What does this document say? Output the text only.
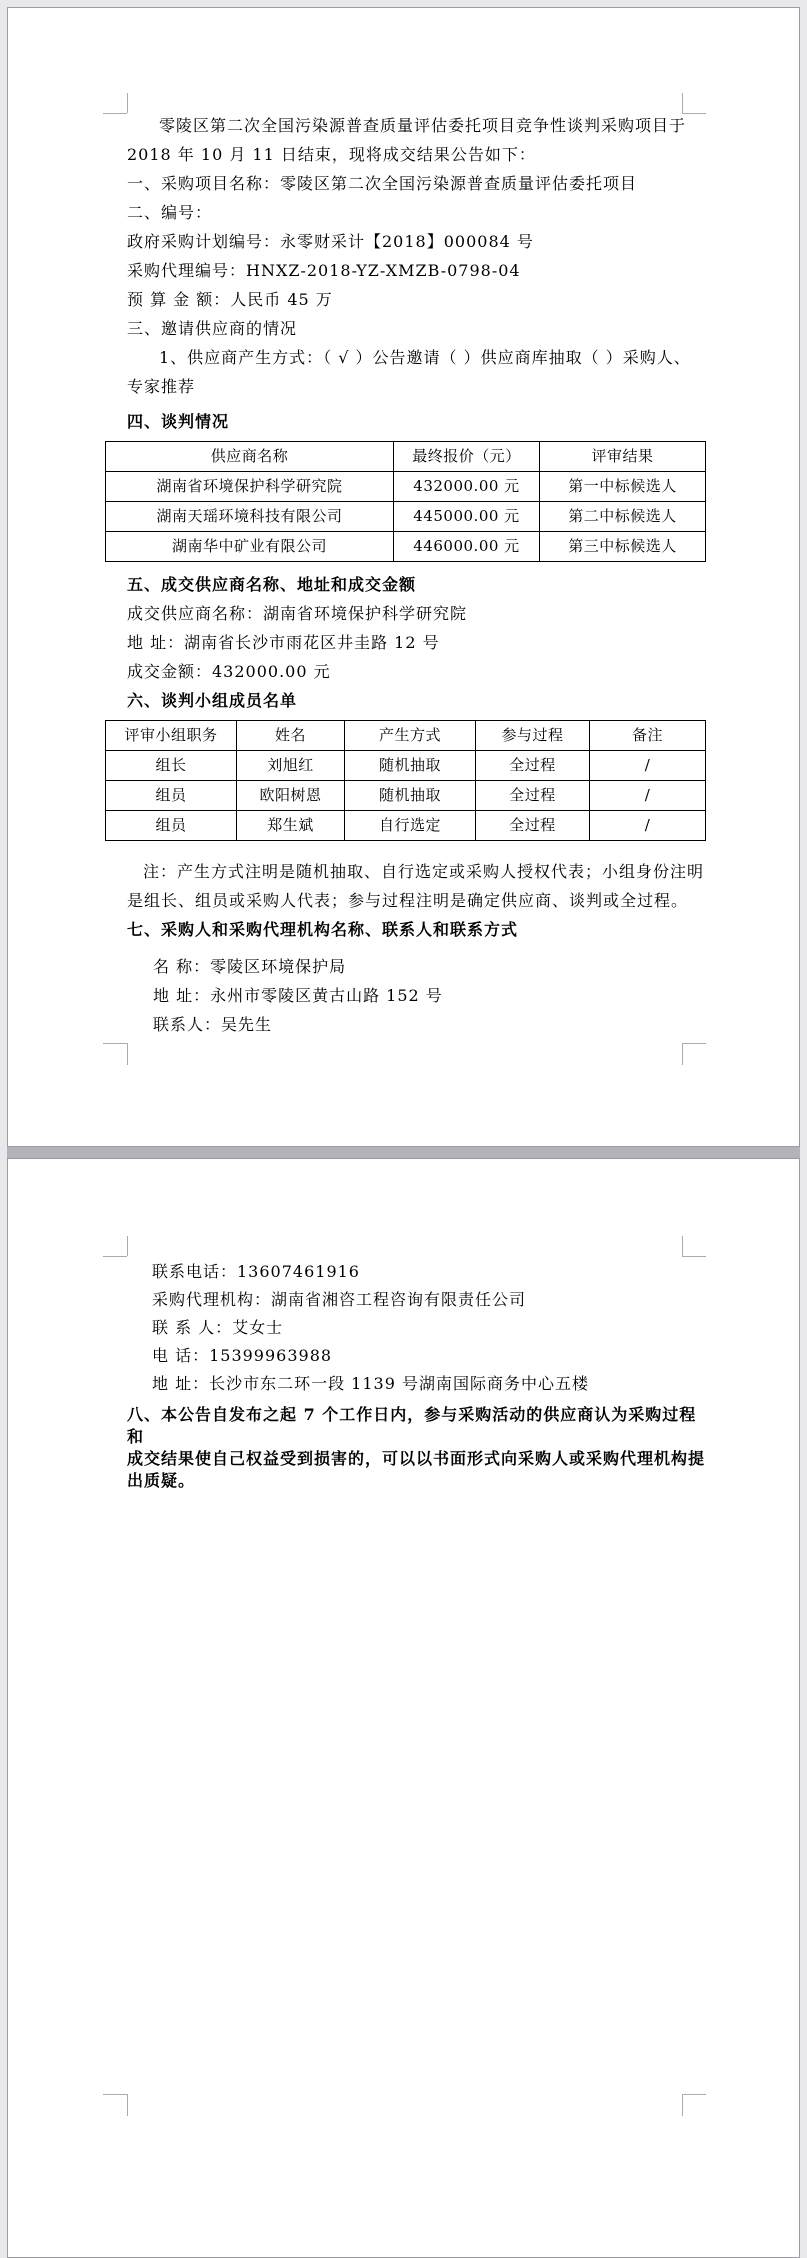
零陵区第二次全国污染源普查质量评估委托项目竞争性谈判采购项目于
2018 年 10 月 11 日结束，现将成交结果公告如下：
一、采购项目名称：零陵区第二次全国污染源普查质量评估委托项目
二、编号：
政府采购计划编号：永零财采计【2018】000084 号
采购代理编号：HNXZ-2018-YZ-XMZB-0798-04
预 算 金 额：人民币 45 万
三、邀请供应商的情况
1、供应商产生方式：（ √ ）公告邀请（ ）供应商库抽取（ ）采购人、
专家推荐
四、谈判情况
供应商名称	最终报价（元）	评审结果
湖南省环境保护科学研究院	432000.00 元	第一中标候选人
湖南天瑶环境科技有限公司	445000.00 元	第二中标候选人
湖南华中矿业有限公司	446000.00 元	第三中标候选人
五、成交供应商名称、地址和成交金额
成交供应商名称：湖南省环境保护科学研究院
地 址：湖南省长沙市雨花区井圭路 12 号
成交金额：432000.00 元
六、谈判小组成员名单
评审小组职务	姓名	产生方式	参与过程	备注
组长	刘旭红	随机抽取	全过程	/
组员	欧阳树恩	随机抽取	全过程	/
组员	郑生斌	自行选定	全过程	/
注：产生方式注明是随机抽取、自行选定或采购人授权代表；小组身份注明
是组长、组员或采购人代表；参与过程注明是确定供应商、谈判或全过程。
七、采购人和采购代理机构名称、联系人和联系方式
名 称：零陵区环境保护局
地 址：永州市零陵区黄古山路 152 号
联系人：吴先生
联系电话：13607461916
采购代理机构：湖南省湘咨工程咨询有限责任公司
联 系 人：艾女士
电 话：15399963988
地 址：长沙市东二环一段 1139 号湖南国际商务中心五楼
八、本公告自发布之起 7 个工作日内，参与采购活动的供应商认为采购过程和
成交结果使自己权益受到损害的，可以以书面形式向采购人或采购代理机构提
出质疑。
